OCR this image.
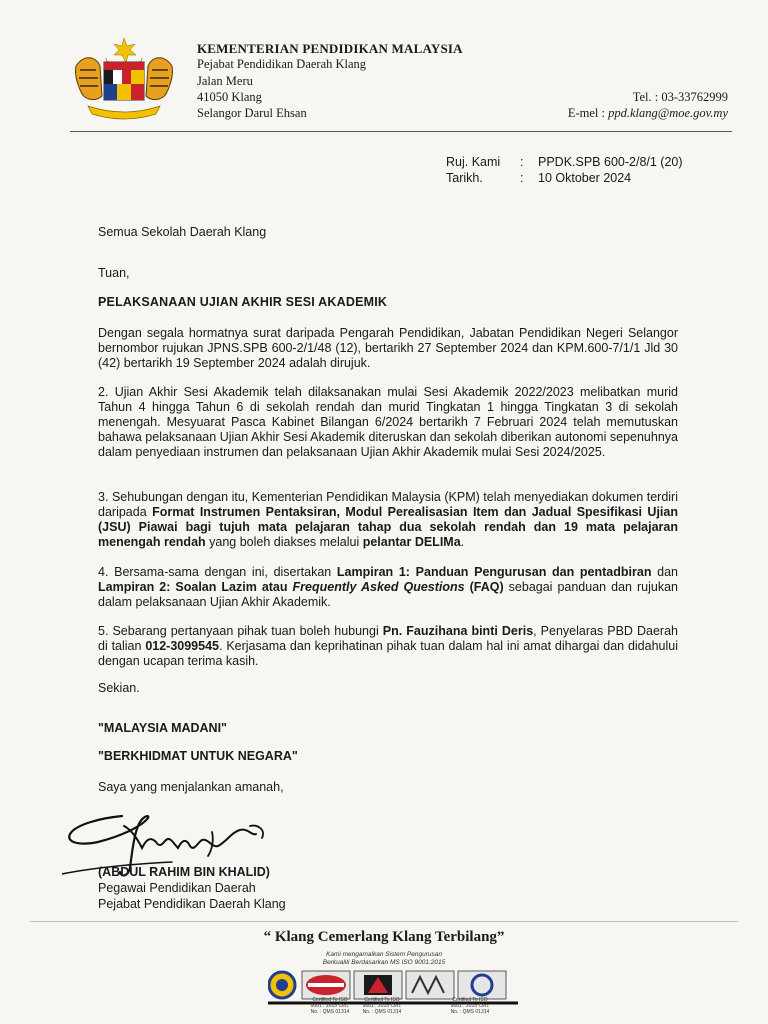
KEMENTERIAN PENDIDIKAN MALAYSIA
Pejabat Pendidikan Daerah Klang
Jalan Meru
41050 Klang
Selangor Darul Ehsan
Tel. : 03-33762999
E-mel : ppd.klang@moe.gov.my
Ruj. Kami : PPDK.SPB 600-2/8/1 (20)
Tarikh.	: 10 Oktober 2024
Semua Sekolah Daerah Klang
Tuan,
PELAKSANAAN UJIAN AKHIR SESI AKADEMIK
Dengan segala hormatnya surat daripada Pengarah Pendidikan, Jabatan Pendidikan Negeri Selangor bernombor rujukan JPNS.SPB 600-2/1/48 (12), bertarikh 27 September 2024 dan KPM.600-7/1/1 Jld 30 (42) bertarikh 19 September 2024 adalah dirujuk.
2. Ujian Akhir Sesi Akademik telah dilaksanakan mulai Sesi Akademik 2022/2023 melibatkan murid Tahun 4 hingga Tahun 6 di sekolah rendah dan murid Tingkatan 1 hingga Tingkatan 3 di sekolah menengah. Mesyuarat Pasca Kabinet Bilangan 6/2024 bertarikh 7 Februari 2024 telah memutuskan bahawa pelaksanaan Ujian Akhir Sesi Akademik diteruskan dan sekolah diberikan autonomi sepenuhnya dalam penyediaan instrumen dan pelaksanaan Ujian Akhir Akademik mulai Sesi 2024/2025.
3. Sehubungan dengan itu, Kementerian Pendidikan Malaysia (KPM) telah menyediakan dokumen terdiri daripada Format Instrumen Pentaksiran, Modul Perealisasian Item dan Jadual Spesifikasi Ujian (JSU) Piawai bagi tujuh mata pelajaran tahap dua sekolah rendah dan 19 mata pelajaran menengah rendah yang boleh diakses melalui pelantar DELIMa.
4. Bersama-sama dengan ini, disertakan Lampiran 1: Panduan Pengurusan dan pentadbiran dan Lampiran 2: Soalan Lazim atau Frequently Asked Questions (FAQ) sebagai panduan dan rujukan dalam pelaksanaan Ujian Akhir Akademik.
5. Sebarang pertanyaan pihak tuan boleh hubungi Pn. Fauzihana binti Deris, Penyelaras PBD Daerah di talian 012-3099545. Kerjasama dan keprihatinan pihak tuan dalam hal ini amat dihargai dan didahului dengan ucapan terima kasih.
Sekian.
"MALAYSIA MADANI"
"BERKHIDMAT UNTUK NEGARA"
Saya yang menjalankan amanah,
(ABDUL RAHIM BIN KHALID)
Pegawai Pendidikan Daerah
Pejabat Pendidikan Daerah Klang
“ Klang Cemerlang Klang Terbilang”
Kami mengamalkan Sistem Pengurusan
Berkualiti Berdasarkan MS ISO 9001:2015
Certified To ISO 9001 : 2015 Cert. No. : QMS 01314
Certified To ISO 9001 : 2015 Cert. No. : QMS 01314
Certified To ISO 9001 : 2015 Cert. No. : QMS 01314
